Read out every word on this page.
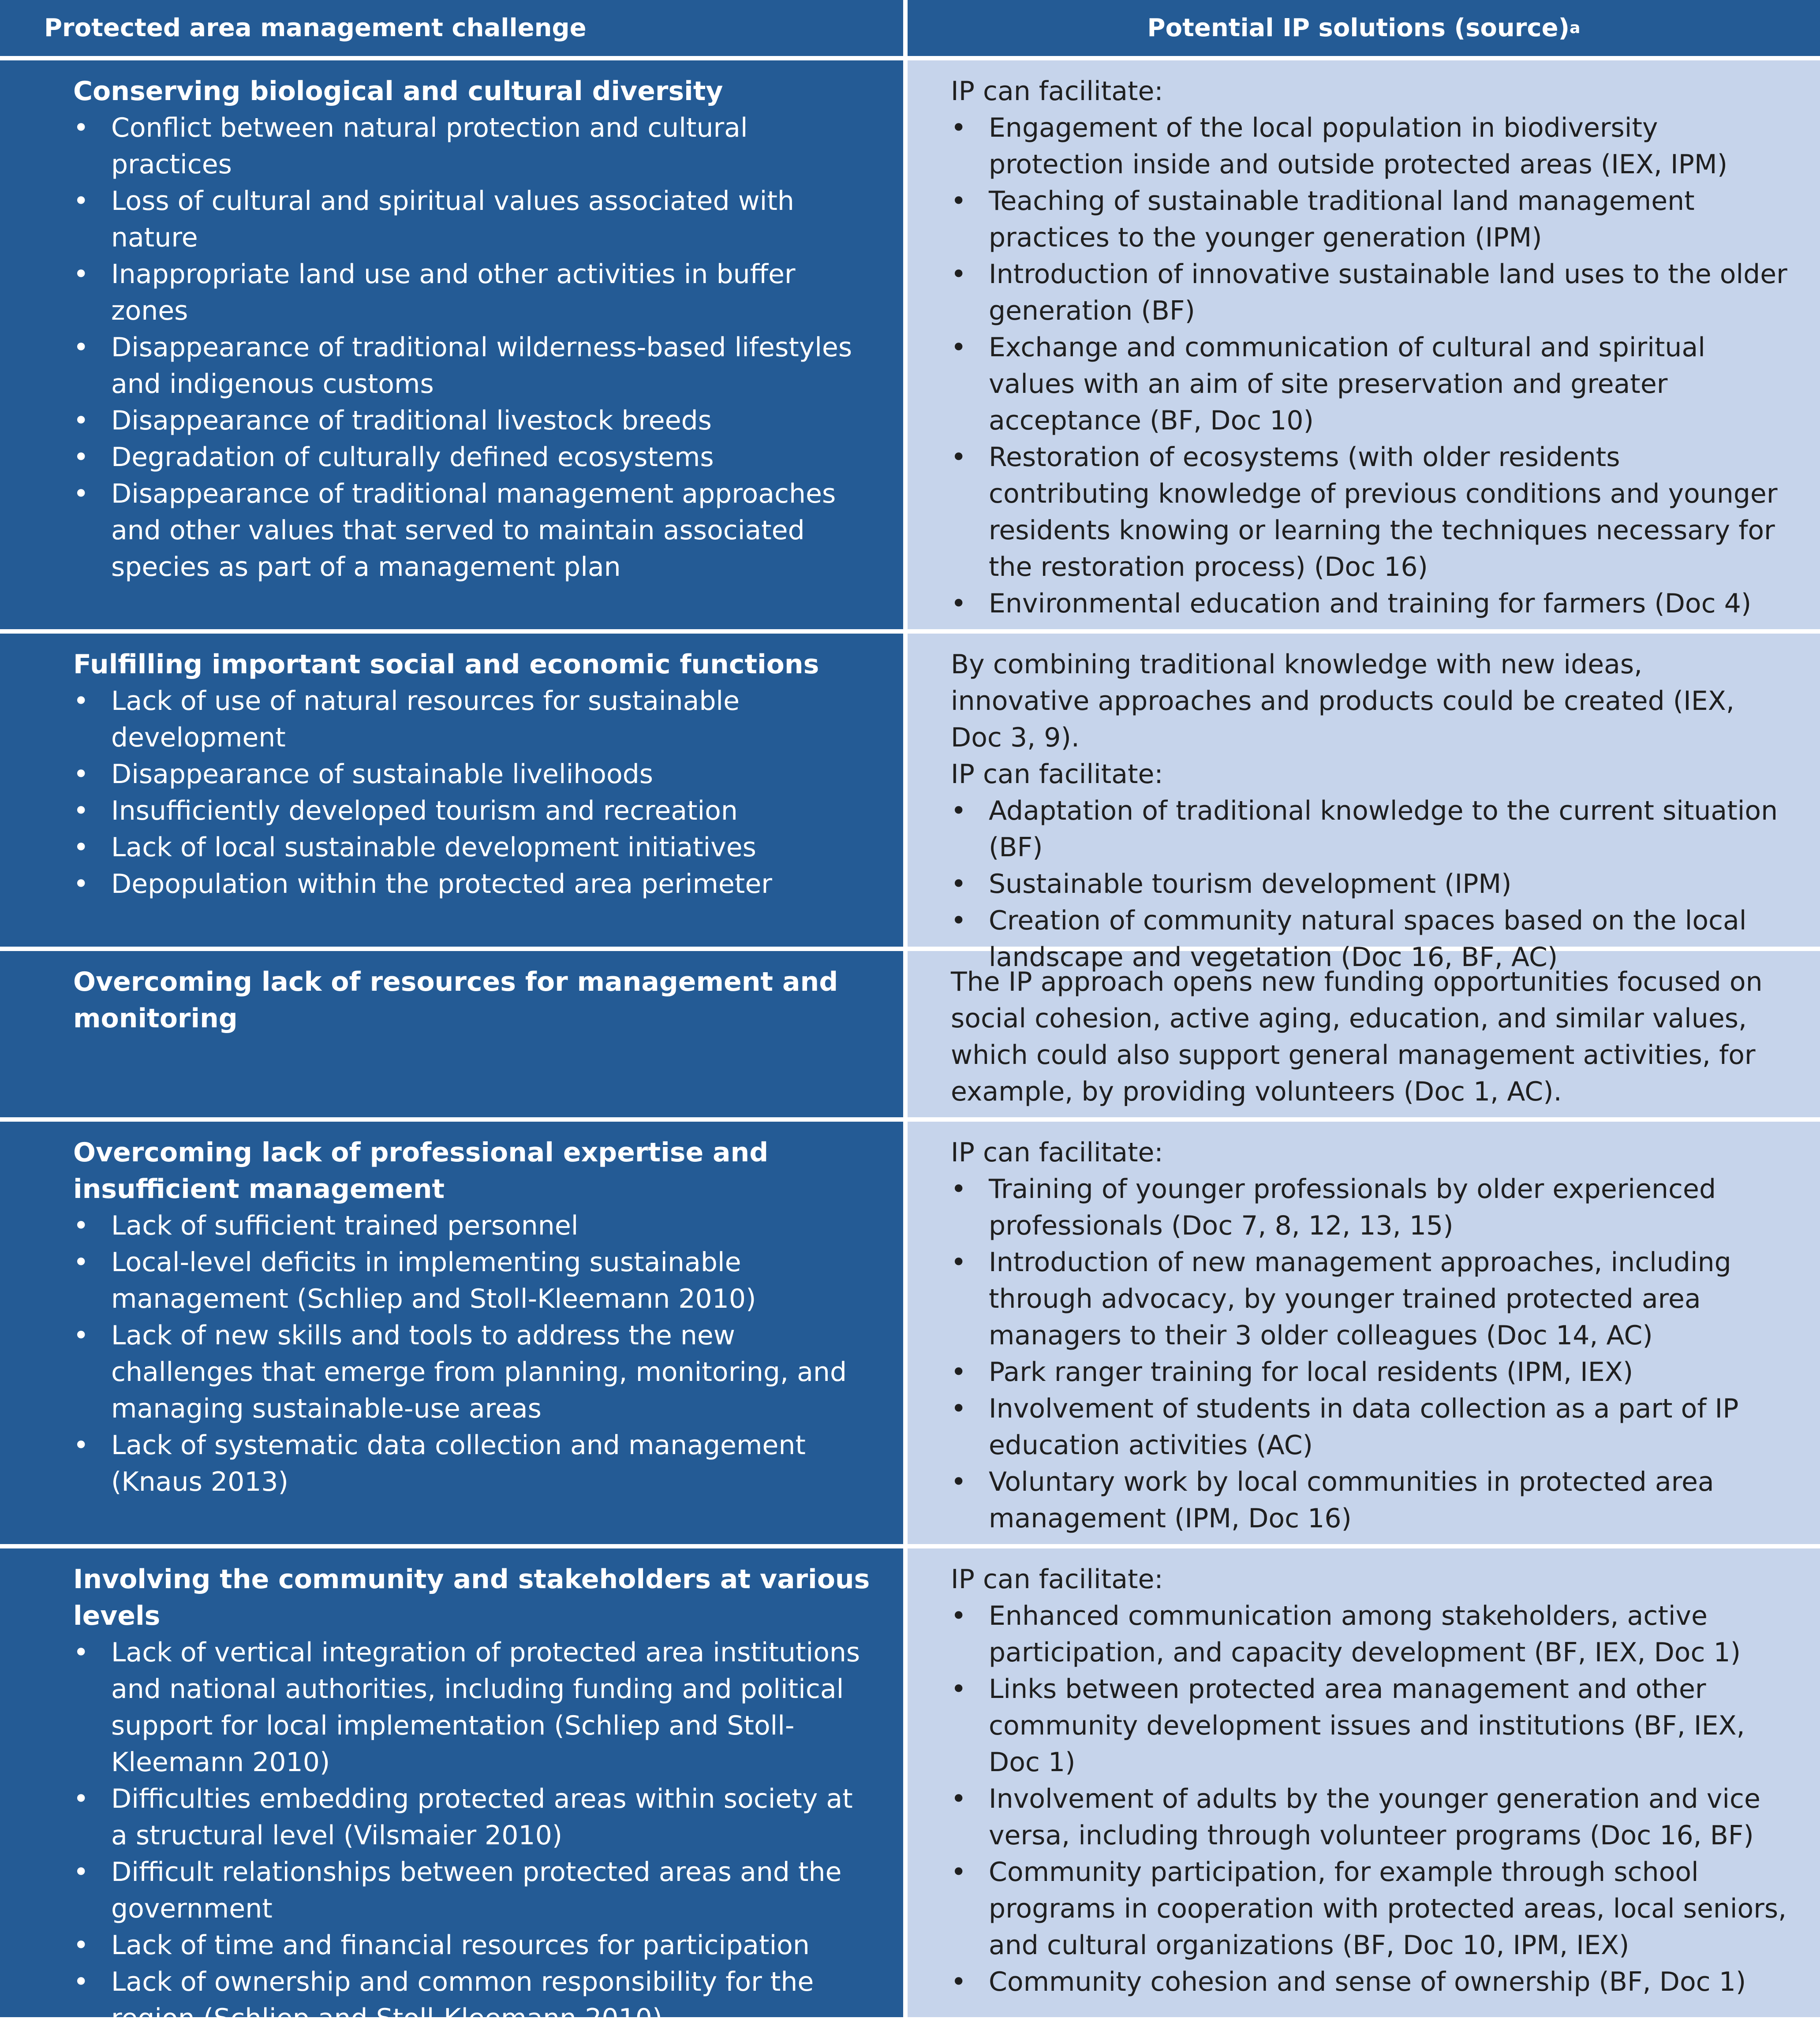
Protected area management challenge	Potential IP solutions (source) a

Conserving biological and cultural diversity

• Conflict between natural protection and cultural practices
• Loss of cultural and spiritual values associated with nature
• Inappropriate land use and other activities in buffer zones
• Disappearance of traditional wilderness-based lifestyles and indigenous customs
• Disappearance of traditional livestock breeds
• Degradation of culturally defined ecosystems
• Disappearance of traditional management approaches and other values that served to maintain associated species as part of a management plan

IP can facilitate:

• Engagement of the local population in biodiversity protection inside and outside protected areas (IEX, IPM)
• Teaching of sustainable traditional land management practices to the younger generation (IPM)
• Introduction of innovative sustainable land uses to the older generation (BF)
• Exchange and communication of cultural and spiritual values with an aim of site preservation and greater acceptance (BF, Doc 10)
• Restoration of ecosystems (with older residents contributing knowledge of previous conditions and younger residents knowing or learning the techniques necessary for the restoration process) (Doc 16)
• Environmental education and training for farmers (Doc 4)

Fulfilling important social and economic functions

• Lack of use of natural resources for sustainable development
• Disappearance of sustainable livelihoods
• Insufficiently developed tourism and recreation
• Lack of local sustainable development initiatives
• Depopulation within the protected area perimeter

By combining traditional knowledge with new ideas, innovative approaches and products could be created (IEX, Doc 3, 9).

IP can facilitate:

• Adaptation of traditional knowledge to the current situation (BF)
• Sustainable tourism development (IPM)
• Creation of community natural spaces based on the local landscape and vegetation (Doc 16, BF, AC)

Overcoming lack of resources for management and monitoring

The IP approach opens new funding opportunities focused on social cohesion, active aging, education, and similar values, which could also support general management activities, for example, by providing volunteers (Doc 1, AC).

Overcoming lack of professional expertise and insufficient management

• Lack of sufficient trained personnel
• Local-level deficits in implementing sustainable management (Schliep and Stoll-Kleemann 2010)
• Lack of new skills and tools to address the new challenges that emerge from planning, monitoring, and managing sustainable-use areas
• Lack of systematic data collection and management (Knaus 2013)

IP can facilitate:

• Training of younger professionals by older experienced professionals (Doc 7, 8, 12, 13, 15)
• Introduction of new management approaches, including through advocacy, by younger trained protected area managers to their 3 older colleagues (Doc 14, AC)
• Park ranger training for local residents (IPM, IEX)
• Involvement of students in data collection as a part of IP education activities (AC)
• Voluntary work by local communities in protected area management (IPM, Doc 16)

Involving the community and stakeholders at various levels

• Lack of vertical integration of protected area institutions and national authorities, including funding and political support for local implementation (Schliep and Stoll-Kleemann 2010)
• Difficulties embedding protected areas within society at a structural level (Vilsmaier 2010)
• Difficult relationships between protected areas and the government
• Lack of time and financial resources for participation
• Lack of ownership and common responsibility for the region (Schliep and Stoll-Kleemann 2010)

IP can facilitate:

• Enhanced communication among stakeholders, active participation, and capacity development (BF, IEX, Doc 1)
• Links between protected area management and other community development issues and institutions (BF, IEX, Doc 1)
• Involvement of adults by the younger generation and vice versa, including through volunteer programs (Doc 16, BF)
• Community participation, for example through school programs in cooperation with protected areas, local seniors, and cultural organizations (BF, Doc 10, IPM, IEX)
• Community cohesion and sense of ownership (BF, Doc 1)
